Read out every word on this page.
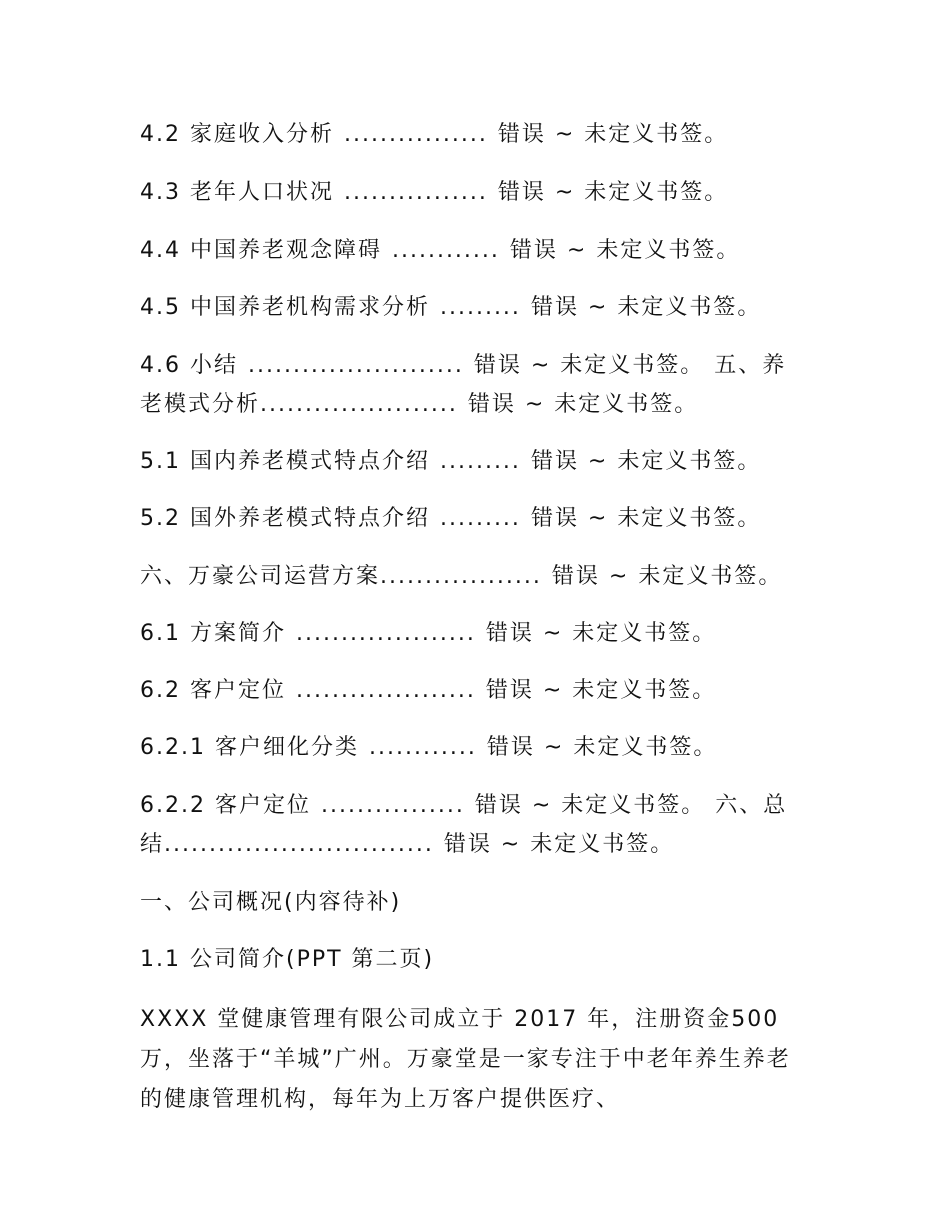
4.2 家庭收入分析 ................ 错误 ~ 未定义书签。
4.3 老年人口状况 ................ 错误 ~ 未定义书签。
4.4 中国养老观念障碍 ............ 错误 ~ 未定义书签。
4.5 中国养老机构需求分析 ......... 错误 ~ 未定义书签。
4.6 小结 ........................ 错误 ~ 未定义书签。 五、养
老模式分析...................... 错误 ~ 未定义书签。
5.1 国内养老模式特点介绍 ......... 错误 ~ 未定义书签。
5.2 国外养老模式特点介绍 ......... 错误 ~ 未定义书签。
六、万豪公司运营方案.................. 错误 ~ 未定义书签。
6.1 方案简介 .................... 错误 ~ 未定义书签。
6.2 客户定位 .................... 错误 ~ 未定义书签。
6.2.1 客户细化分类 ............ 错误 ~ 未定义书签。
6.2.2 客户定位 ................ 错误 ~ 未定义书签。 六、总
结.............................. 错误 ~ 未定义书签。
一、公司概况(内容待补)
1.1 公司简介(PPT 第二页)
XXXX 堂健康管理有限公司成立于 2017 年，注册资金500 万，坐落于“羊城”广州。万豪堂是一家专注于中老年养生养老的健康管理机构，每年为上万客户提供医疗、
